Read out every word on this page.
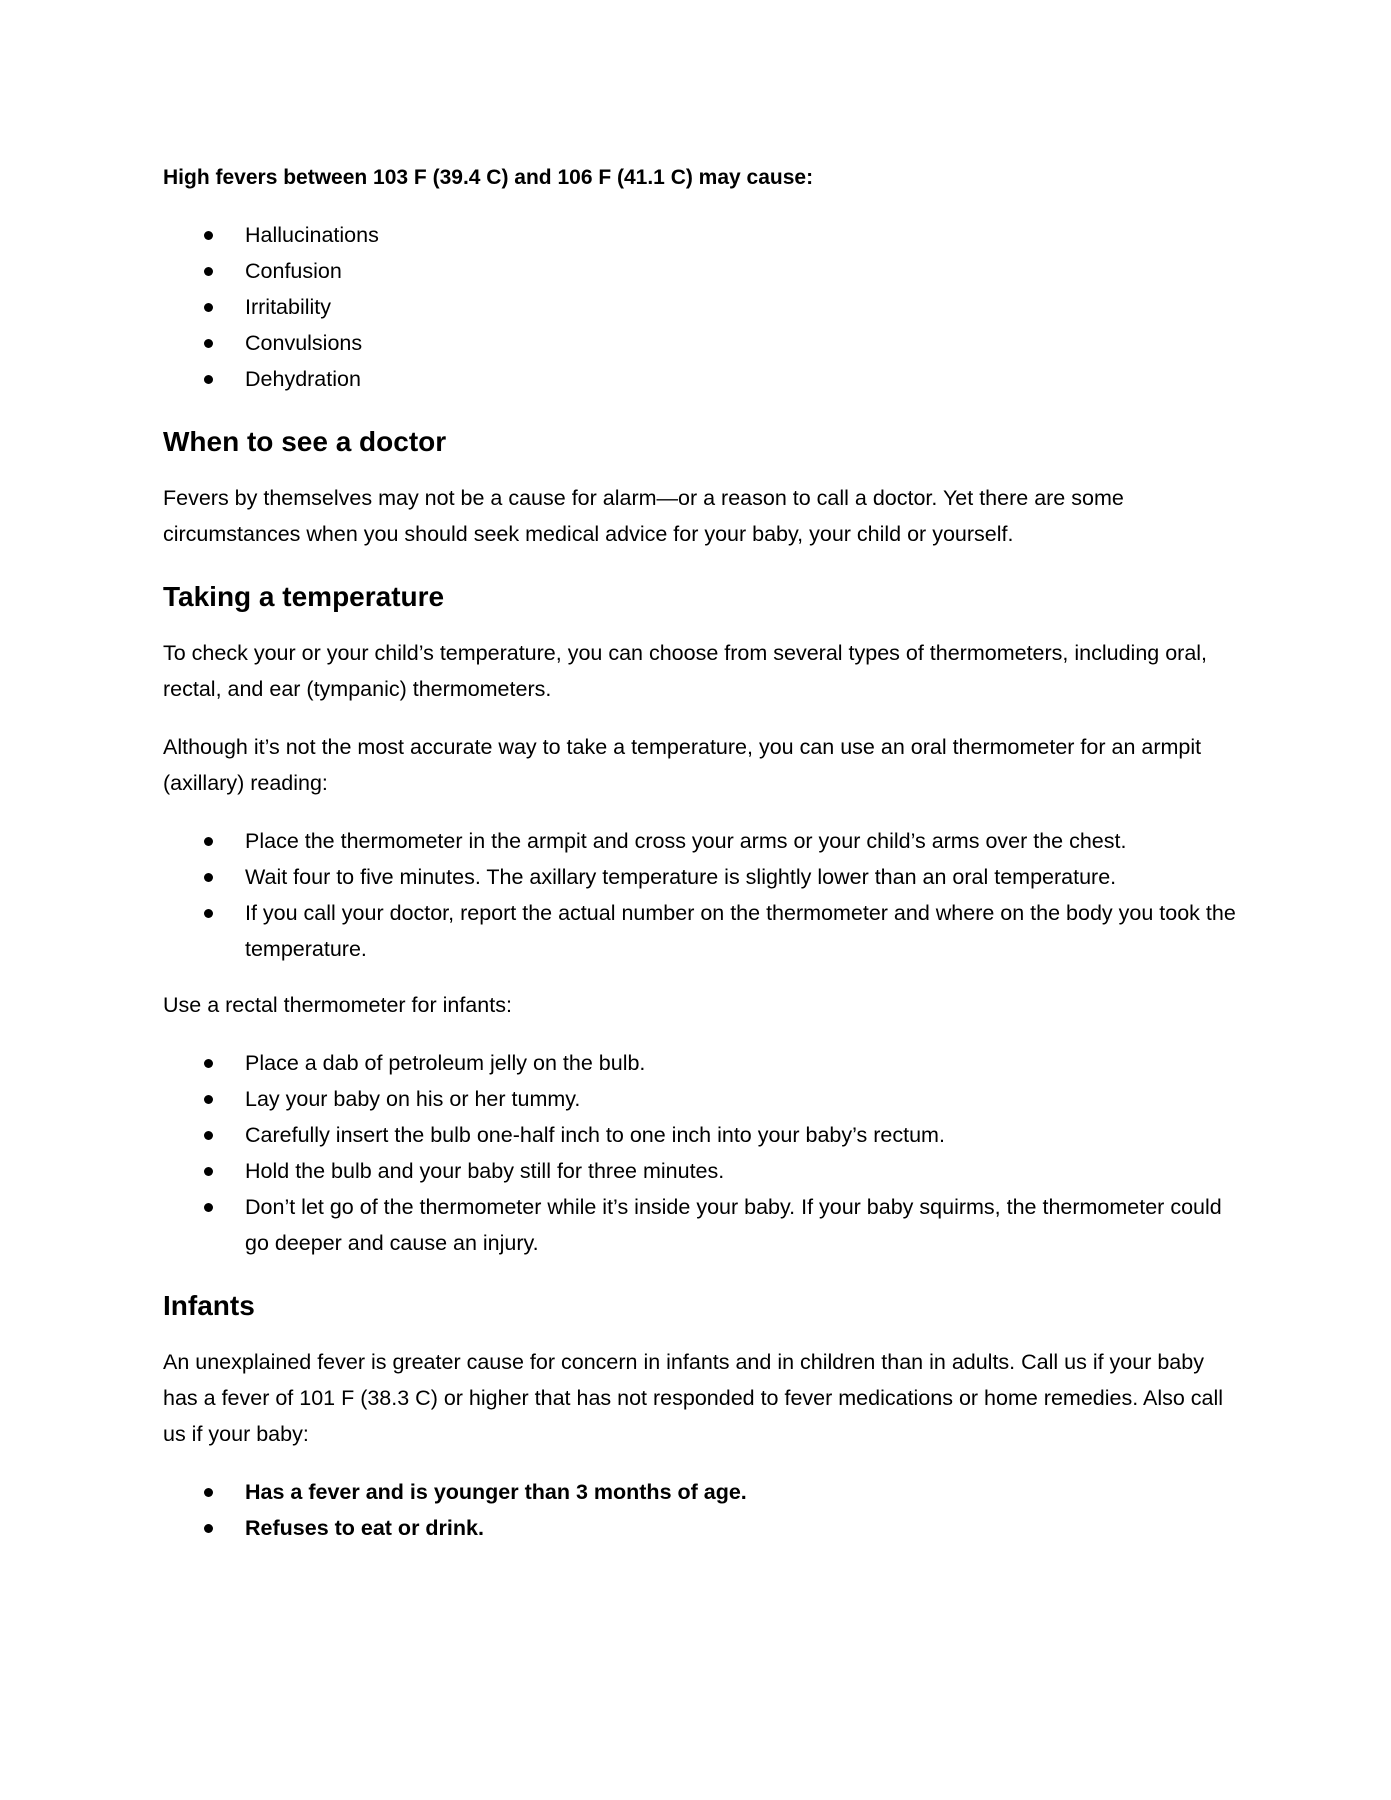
High fevers between 103 F (39.4 C) and 106 F (41.1 C) may cause:
Hallucinations
Confusion
Irritability
Convulsions
Dehydration
When to see a doctor

Fevers by themselves may not be a cause for alarm—or a reason to call a doctor. Yet there are some circumstances when you should seek medical advice for your baby, your child or yourself.

Taking a temperature

To check your or your child’s temperature, you can choose from several types of thermometers, including oral, rectal, and ear (tympanic) thermometers.

Although it’s not the most accurate way to take a temperature, you can use an oral thermometer for an armpit (axillary) reading:

Place the thermometer in the armpit and cross your arms or your child’s arms over the chest.
Wait four to five minutes. The axillary temperature is slightly lower than an oral temperature.
If you call your doctor, report the actual number on the thermometer and where on the body you took the temperature.

Use a rectal thermometer for infants:

Place a dab of petroleum jelly on the bulb.
Lay your baby on his or her tummy.
Carefully insert the bulb one-half inch to one inch into your baby’s rectum.
Hold the bulb and your baby still for three minutes.
Don’t let go of the thermometer while it’s inside your baby. If your baby squirms, the thermometer could go deeper and cause an injury.
Infants

An unexplained fever is greater cause for concern in infants and in children than in adults. Call us if your baby has a fever of 101 F (38.3 C) or higher that has not responded to fever medications or home remedies. Also call us if your baby:

Has a fever and is younger than 3 months of age.
Refuses to eat or drink.
